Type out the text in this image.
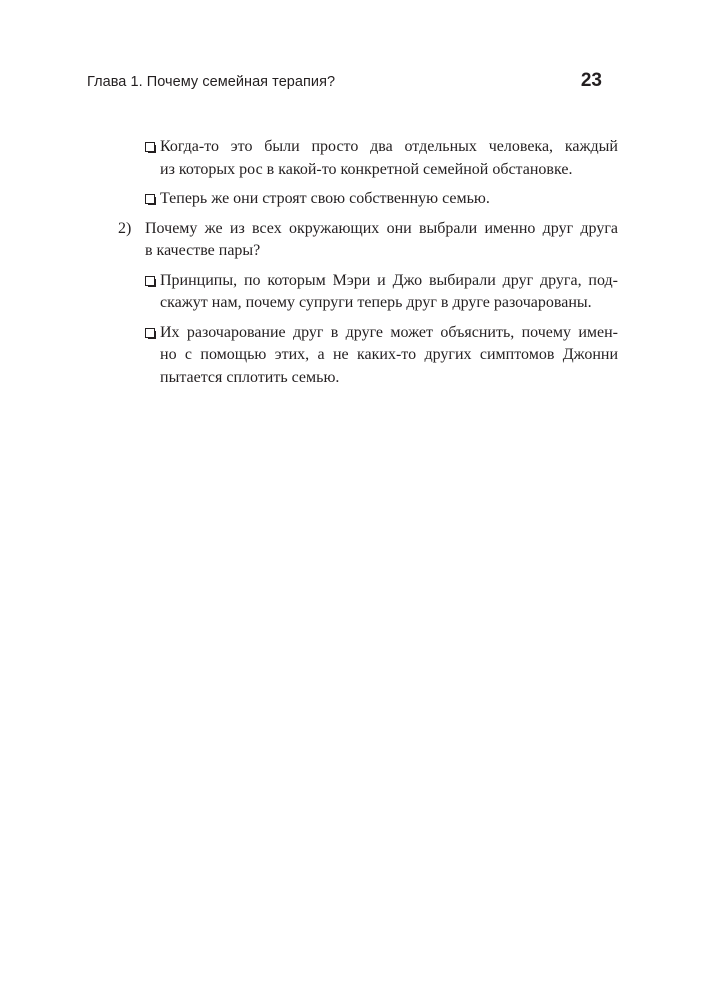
Глава 1. Почему семейная терапия?	23
Когда-то это были просто два отдельных человека, каждый
из которых рос в какой-то конкретной семейной обстановке.
Теперь же они строят свою собственную семью.
2) Почему же из всех окружающих они выбрали именно друг друга
в качестве пары?
Принципы, по которым Мэри и Джо выбирали друг друга, под-
скажут нам, почему супруги теперь друг в друге разочарованы.
Их разочарование друг в друге может объяснить, почему имен-
но с помощью этих, а не каких-то других симптомов Джонни
пытается сплотить семью.
